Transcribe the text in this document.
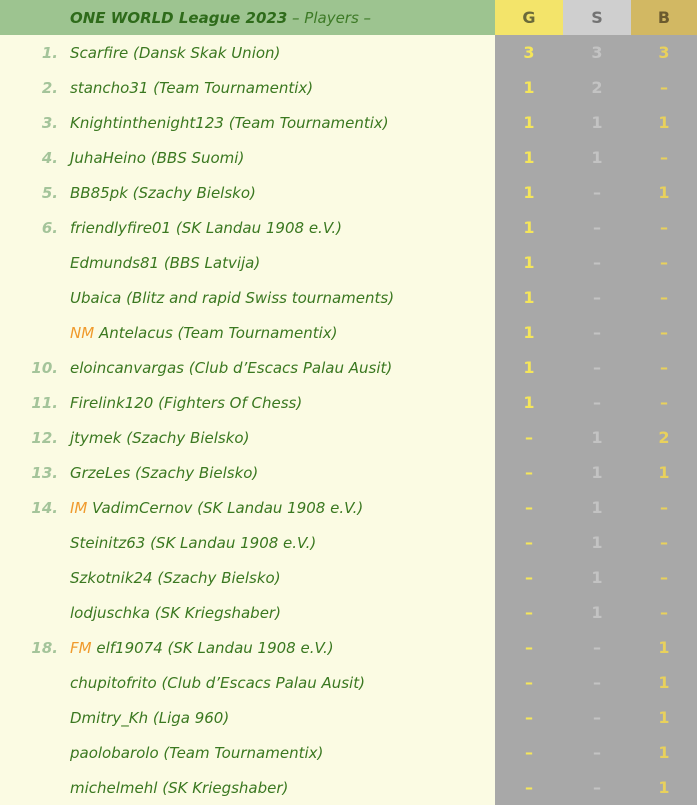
ONE WORLD League 2023 – Players –		G	S	B
1.	Scarfire (Dansk Skak Union)	3	3	3
2.	stancho31 (Team Tournamentix)	1	2	–
3.	Knightinthenight123 (Team Tournamentix)	1	1	1
4.	JuhaHeino (BBS Suomi)	1	1	–
5.	BB85pk (Szachy Bielsko)	1	–	1
6.	friendlyfire01 (SK Landau 1908 e.V.)	1	–	–
	Edmunds81 (BBS Latvija)	1	–	–
	Ubaica (Blitz and rapid Swiss tournaments)	1	–	–
	NM Antelacus (Team Tournamentix)	1	–	–
10.	eloincanvargas (Club d’Escacs Palau Ausit)	1	–	–
11.	Firelink120 (Fighters Of Chess)	1	–	–
12.	jtymek (Szachy Bielsko)	–	1	2
13.	GrzeLes (Szachy Bielsko)	–	1	1
14.	IM VadimCernov (SK Landau 1908 e.V.)	–	1	–
	Steinitz63 (SK Landau 1908 e.V.)	–	1	–
	Szkotnik24 (Szachy Bielsko)	–	1	–
	lodjuschka (SK Kriegshaber)	–	1	–
18.	FM elf19074 (SK Landau 1908 e.V.)	–	–	1
	chupitofrito (Club d’Escacs Palau Ausit)	–	–	1
	Dmitry_Kh (Liga 960)	–	–	1
	paolobarolo (Team Tournamentix)	–	–	1
	michelmehl (SK Kriegshaber)	–	–	1
